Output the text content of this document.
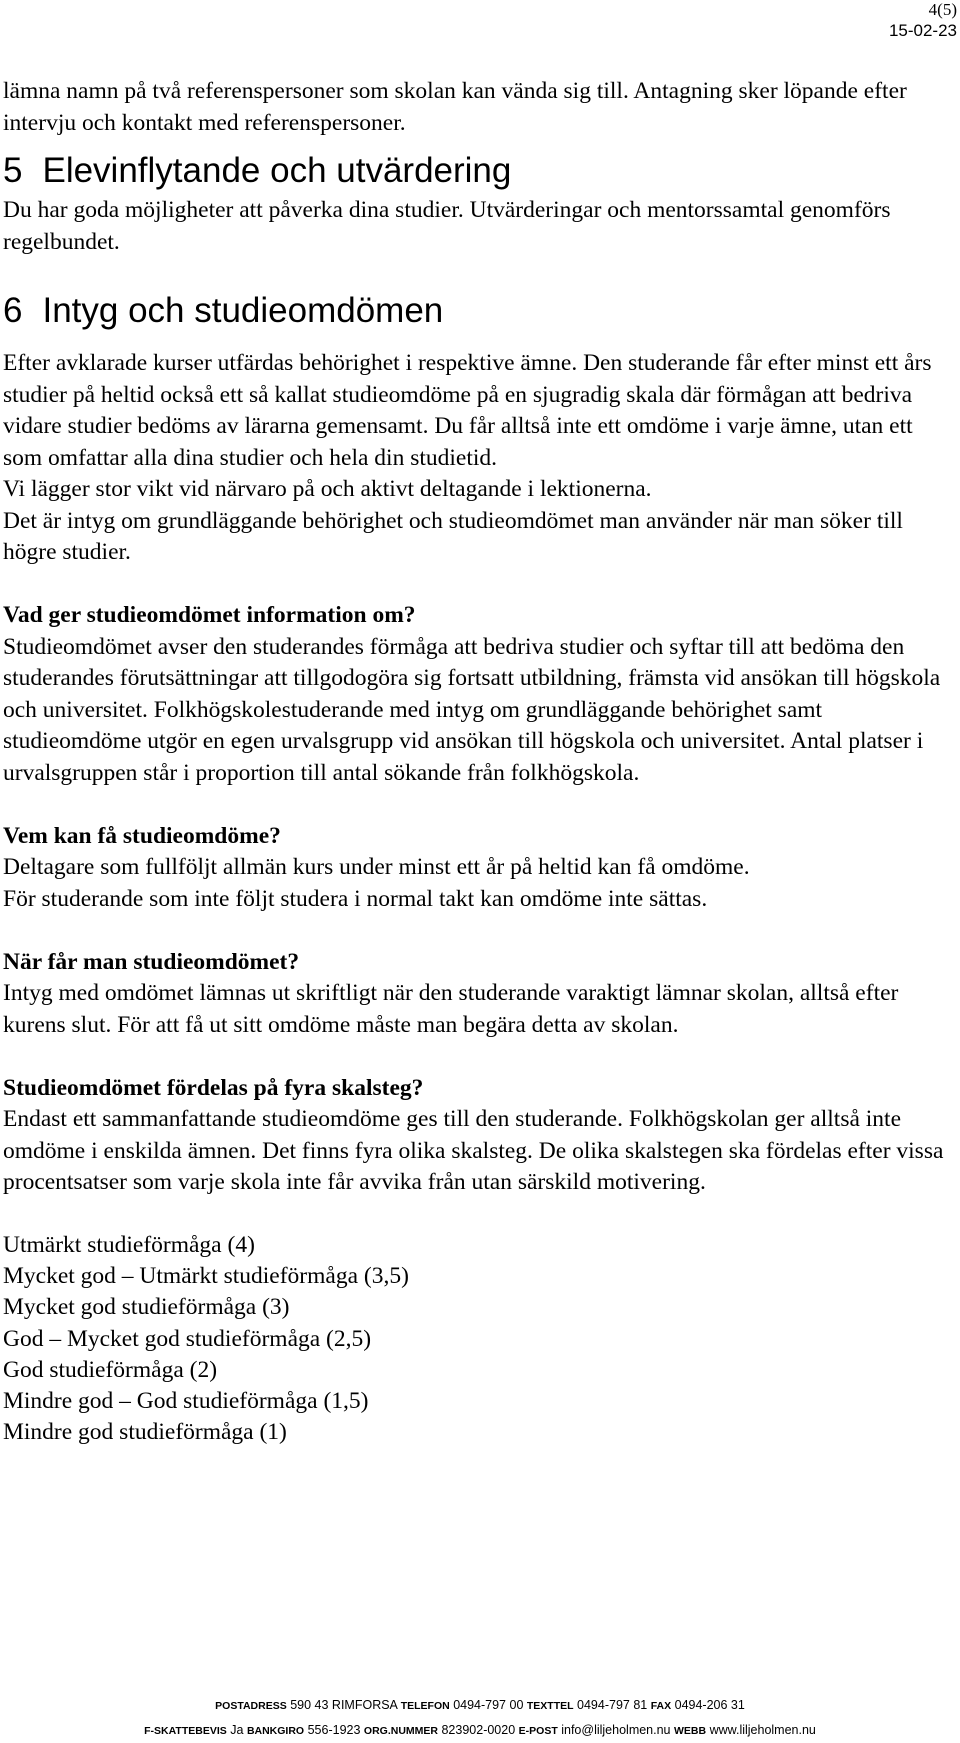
4(5)
15-02-23

lämna namn på två referenspersoner som skolan kan vända sig till. Antagning sker löpande efter intervju och kontakt med referenspersoner.

5 Elevinflytande och utvärdering

Du har goda möjligheter att påverka dina studier. Utvärderingar och mentorssamtal genomförs regelbundet.

6 Intyg och studieomdömen

Efter avklarade kurser utfärdas behörighet i respektive ämne. Den studerande får efter minst ett års studier på heltid också ett så kallat studieomdöme på en sjugradig skala där förmågan att bedriva vidare studier bedöms av lärarna gemensamt. Du får alltså inte ett omdöme i varje ämne, utan ett som omfattar alla dina studier och hela din studietid.

Vi lägger stor vikt vid närvaro på och aktivt deltagande i lektionerna.

Det är intyg om grundläggande behörighet och studieomdömet man använder när man söker till högre studier.

Vad ger studieomdömet information om?

Studieomdömet avser den studerandes förmåga att bedriva studier och syftar till att bedöma den studerandes förutsättningar att tillgodogöra sig fortsatt utbildning, främsta vid ansökan till högskola och universitet. Folkhögskolestuderande med intyg om grundläggande behörighet samt studieomdöme utgör en egen urvalsgrupp vid ansökan till högskola och universitet. Antal platser i urvalsgruppen står i proportion till antal sökande från folkhögskola.

Vem kan få studieomdöme?

Deltagare som fullföljt allmän kurs under minst ett år på heltid kan få omdöme.

För studerande som inte följt studera i normal takt kan omdöme inte sättas.

När får man studieomdömet?

Intyg med omdömet lämnas ut skriftligt när den studerande varaktigt lämnar skolan, alltså efter kurens slut. För att få ut sitt omdöme måste man begära detta av skolan.

Studieomdömet fördelas på fyra skalsteg?

Endast ett sammanfattande studieomdöme ges till den studerande. Folkhögskolan ger alltså inte omdöme i enskilda ämnen. Det finns fyra olika skalsteg. De olika skalstegen ska fördelas efter vissa procentsatser som varje skola inte får avvika från utan särskild motivering.

Utmärkt studieförmåga (4)

Mycket god – Utmärkt studieförmåga (3,5)

Mycket god studieförmåga (3)

God – Mycket god studieförmåga (2,5)

God studieförmåga (2)

Mindre god – God studieförmåga (1,5)

Mindre god studieförmåga (1)

POSTADRESS 590 43 RIMFORSA TELEFON 0494-797 00 TEXTTEL 0494-797 81 FAX 0494-206 31
F-SKATTEBEVIS Ja BANKGIRO 556-1923 ORG.NUMMER 823902-0020 E-POST info@liljeholmen.nu WEBB www.liljeholmen.nu
